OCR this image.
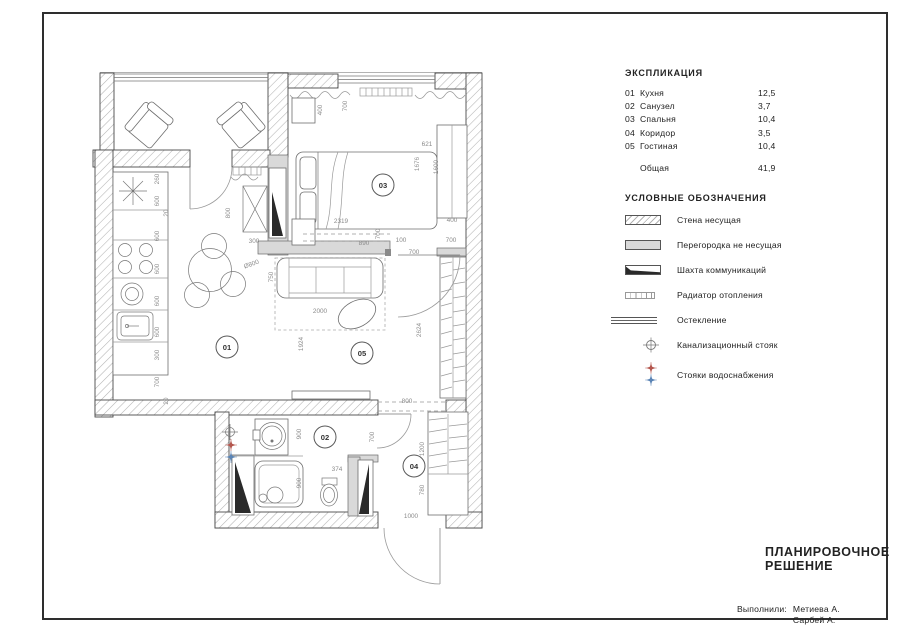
260
600
20
600
600
600
600
300
700
20
800
300
400	700
621
1676 1600
400
2319
700
890	100	700
700
Ø800
750
2000
1924
2624
800
900
900
374
700
1200
780
1000
01
02
03
04
05

ЭКСПЛИКАЦИЯ

01 Кухня	12,5
02 Санузел	3,7
03 Спальня	10,4
04 Коридор	3,5
05 Гостиная	10,4
Общая	41,9

УСЛОВНЫЕ ОБОЗНАЧЕНИЯ

Стена несущая
Перегородка не несущая
Шахта коммуникаций
Радиатор отопления
Остекление
Канализационный стояк
Стояки водоснабжения
ПЛАНИРОВОЧНОЕ
РЕШЕНИЕ
Выполнили: Метиева А.
Сарбей А.
